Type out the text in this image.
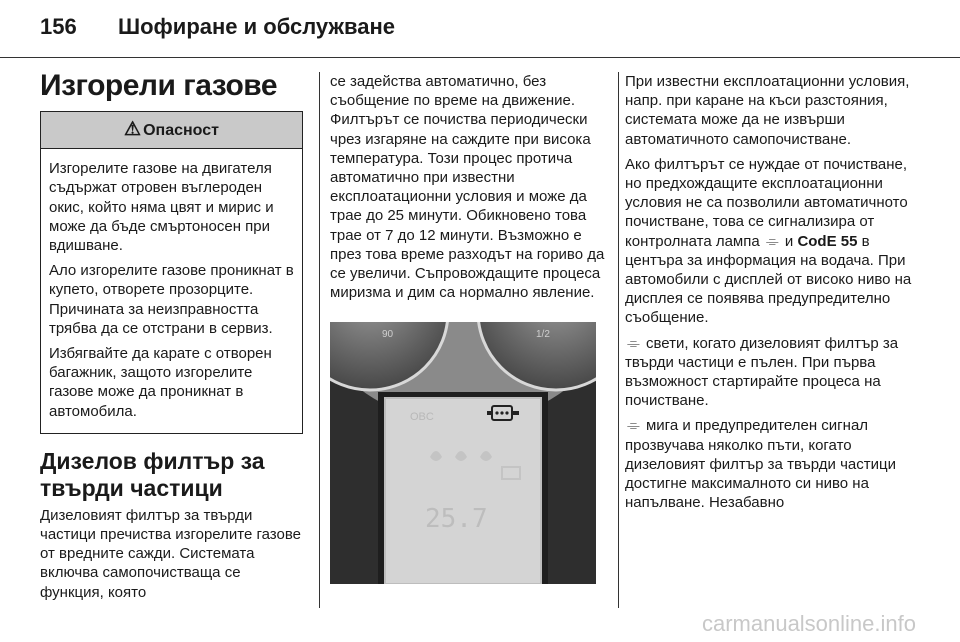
156 Шофиране и обслужване
Изгорели газове
⚠ Опасност

Изгорелите газове на двигателя съдържат отровен въглероден окис, който няма цвят и мирис и може да бъде смъртоносен при вдишване.

Ало изгорелите газове проникнат в купето, отворете прозорците. Причината за неизправността трябва да се отстрани в сервиз.

Избягвайте да карате с отворен багажник, защото изгорелите газове може да проникнат в автомобила.

Дизелов филтър за твърди частици

Дизеловият филтър за твърди частици пречиства изгорелите газове от вредните сажди. Системата включва самопочистваща се функция, която

се задейства автоматично, без съобщение по време на движение. Филтърът се почиства периодически чрез изгаряне на саждите при висока температура. Този процес протича автоматично при известни експлоатационни условия и може да трае до 25 минути. Обикновено това трае от 7 до 12 минути. Възможно е през това време разходът на гориво да се увеличи. Съпровождащите процеса миризма и дим са нормално явление.

90	1/2
OBC
25.7

При известни експлоатационни условия, напр. при каране на къси разстояния, системата може да не извърши автоматичното самопочистване.

Ако филтърът се нуждае от почистване, но предхождащите експлоатационни условия не са позволили автоматичното почистване, това се сигнализира от контролната лампа ⌯ и CodE 55 в центъра за информация на водача. При автомобили с дисплей от високо ниво на дисплея се появява предупредително съобщение.

⌯ свети, когато дизеловият филтър за твърди частици е пълен. При първа възможност стартирайте процеса на почистване.

⌯ мига и предупредителен сигнал прозвучава няколко пъти, когато дизеловият филтър за твърди частици достигне максималното си ниво на напълване. Незабавно

carmanualsonline.info
